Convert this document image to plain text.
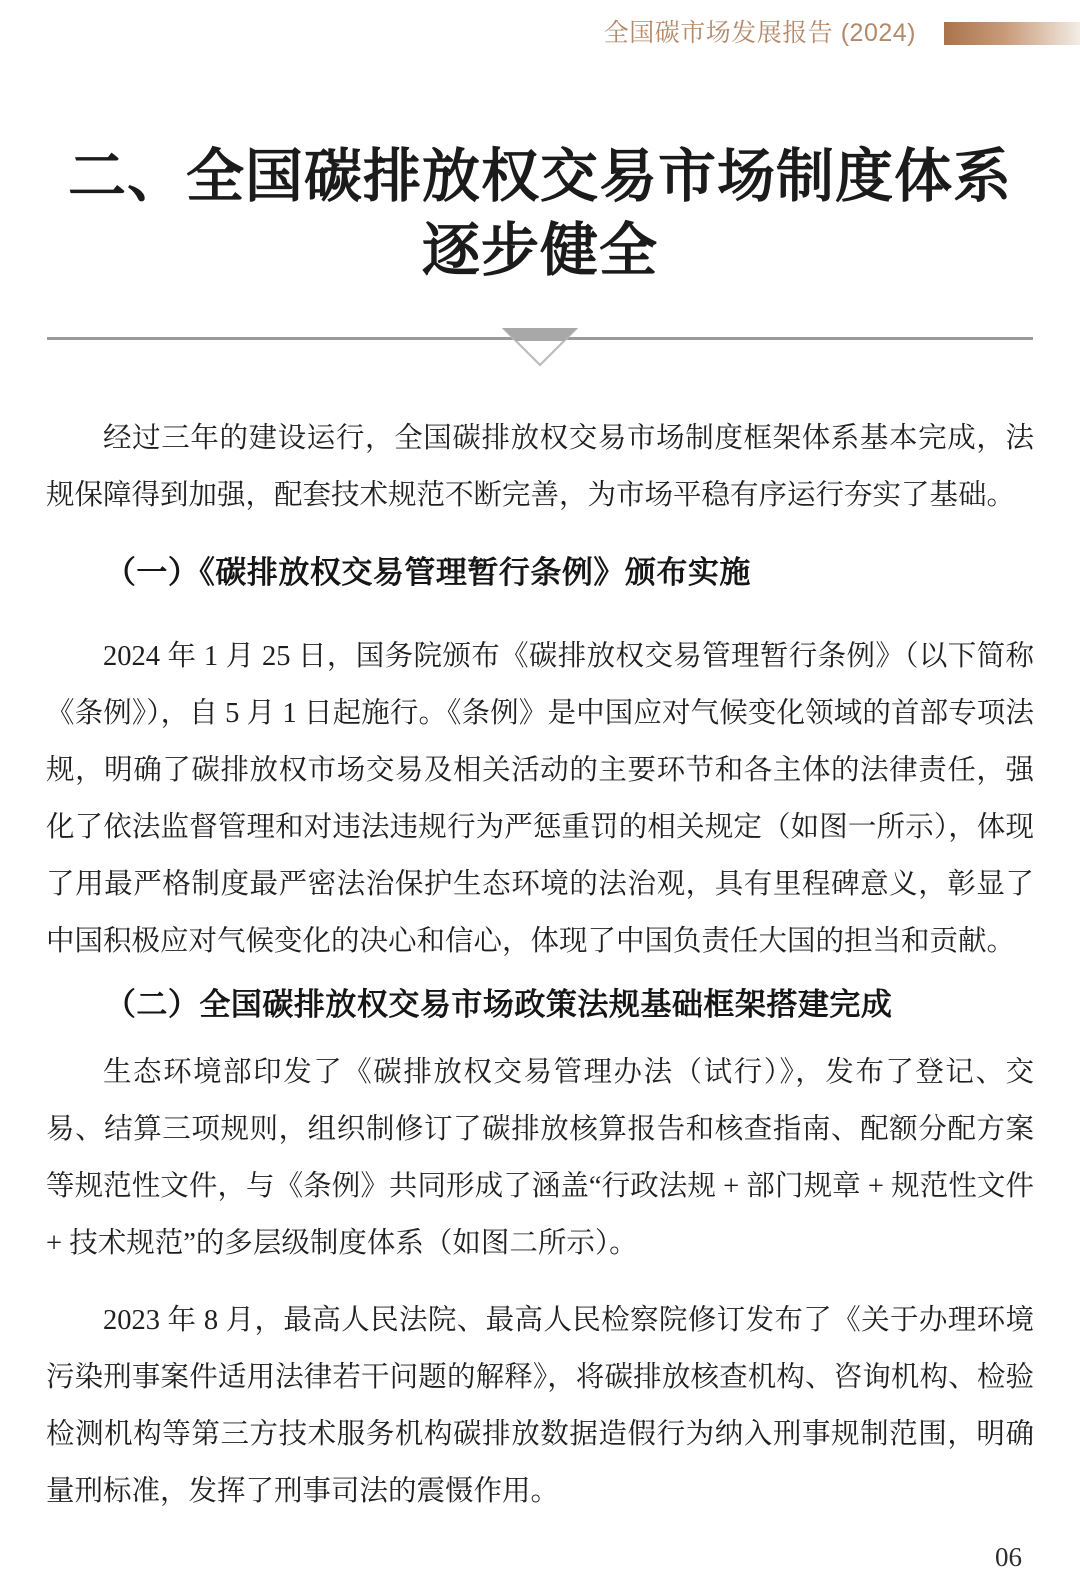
全国碳市场发展报告 (2024)
二、全国碳排放权交易市场制度体系
逐步健全

经过三年的建设运行，全国碳排放权交易市场制度框架体系基本完成，法规保障得到加强，配套技术规范不断完善，为市场平稳有序运行夯实了基础。

（一）《碳排放权交易管理暂行条例》颁布实施

2024 年 1 月 25 日，国务院颁布《碳排放权交易管理暂行条例》（以下简称《条例》），自 5 月 1 日起施行。《条例》是中国应对气候变化领域的首部专项法规，明确了碳排放权市场交易及相关活动的主要环节和各主体的法律责任，强化了依法监督管理和对违法违规行为严惩重罚的相关规定（如图一所示），体现了用最严格制度最严密法治保护生态环境的法治观，具有里程碑意义，彰显了中国积极应对气候变化的决心和信心，体现了中国负责任大国的担当和贡献。

（二）全国碳排放权交易市场政策法规基础框架搭建完成

生态环境部印发了《碳排放权交易管理办法（试行）》，发布了登记、交易、结算三项规则，组织制修订了碳排放核算报告和核查指南、配额分配方案等规范性文件，与《条例》共同形成了涵盖“行政法规 + 部门规章 + 规范性文件 + 技术规范”的多层级制度体系（如图二所示）。

2023 年 8 月，最高人民法院、最高人民检察院修订发布了《关于办理环境污染刑事案件适用法律若干问题的解释》，将碳排放核查机构、咨询机构、检验检测机构等第三方技术服务机构碳排放数据造假行为纳入刑事规制范围，明确量刑标准，发挥了刑事司法的震慑作用。

06
